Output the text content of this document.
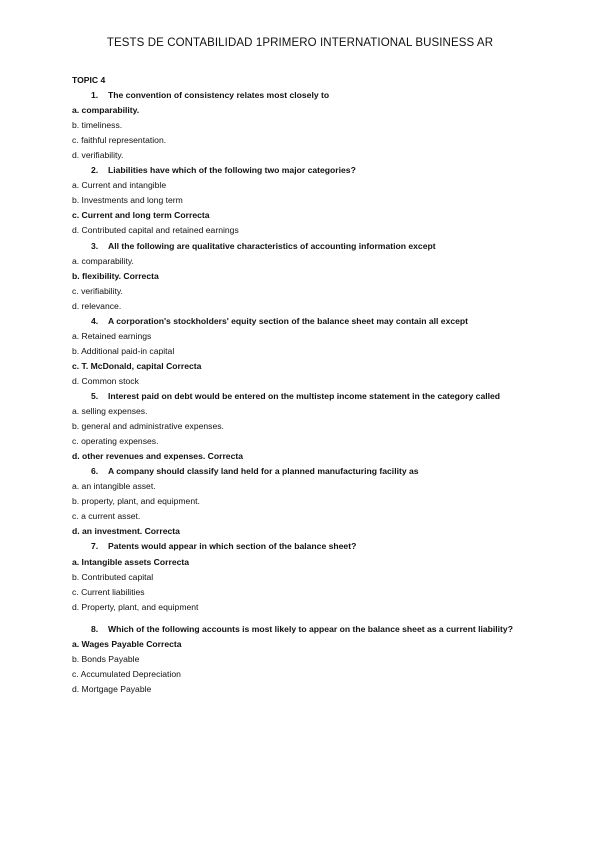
TESTS DE CONTABILIDAD 1PRIMERO INTERNATIONAL BUSINESS AR
TOPIC 4
1. The convention of consistency relates most closely to
a. comparability.
b. timeliness.
c. faithful representation.
d. verifiability.
2. Liabilities have which of the following two major categories?
a. Current and intangible
b. Investments and long term
c. Current and long term Correcta
d. Contributed capital and retained earnings
3. All the following are qualitative characteristics of accounting information except
a. comparability.
b. flexibility. Correcta
c. verifiability.
d. relevance.
4. A corporation's stockholders' equity section of the balance sheet may contain all except
a. Retained earnings
b. Additional paid-in capital
c. T. McDonald, capital Correcta
d. Common stock
5. Interest paid on debt would be entered on the multistep income statement in the category called
a. selling expenses.
b. general and administrative expenses.
c. operating expenses.
d. other revenues and expenses. Correcta
6. A company should classify land held for a planned manufacturing facility as
a. an intangible asset.
b. property, plant, and equipment.
c. a current asset.
d. an investment. Correcta
7. Patents would appear in which section of the balance sheet?
a. Intangible assets Correcta
b. Contributed capital
c. Current liabilities
d. Property, plant, and equipment
8. Which of the following accounts is most likely to appear on the balance sheet as a current liability?
a. Wages Payable Correcta
b. Bonds Payable
c. Accumulated Depreciation
d. Mortgage Payable
